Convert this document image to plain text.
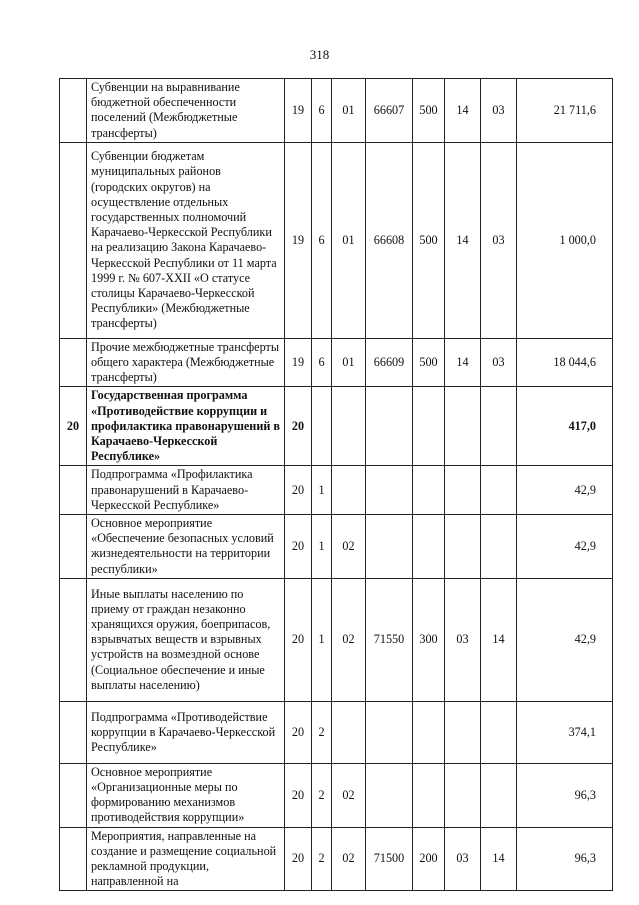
318
	Субвенции на выравнивание бюджетной обеспеченности поселений (Межбюджетные трансферты)	19	6	01	66607	500	14	03	21 711,6
	Субвенции бюджетам муниципальных районов (городских округов) на осуществление отдельных государственных полномочий Карачаево-Черкесской Республики на реализацию Закона Карачаево-Черкесской Республики от 11 марта 1999 г. № 607-XXII «О статусе столицы Карачаево-Черкесской Республики» (Межбюджетные трансферты)	19	6	01	66608	500	14	03	1 000,0
	Прочие межбюджетные трансферты общего характера (Межбюджетные трансферты)	19	6	01	66609	500	14	03	18 044,6
20	Государственная программа «Противодействие коррупции и профилактика правонарушений в Карачаево-Черкесской Республике»	20							417,0
	Подпрограмма «Профилактика правонарушений в Карачаево-Черкесской Республике»	20	1						42,9
	Основное мероприятие «Обеспечение безопасных условий жизнедеятельности на территории республики»	20	1	02					42,9
	Иные выплаты населению по приему от граждан незаконно хранящихся оружия, боеприпасов, взрывчатых веществ и взрывных устройств на возмездной основе (Социальное обеспечение и иные выплаты населению)	20	1	02	71550	300	03	14	42,9
	Подпрограмма «Противодействие коррупции в Карачаево-Черкесской Республике»	20	2						374,1
	Основное мероприятие «Организационные меры по формированию механизмов противодействия коррупции»	20	2	02					96,3
	Мероприятия, направленные на создание и размещение социальной рекламной продукции, направленной на	20	2	02	71500	200	03	14	96,3
